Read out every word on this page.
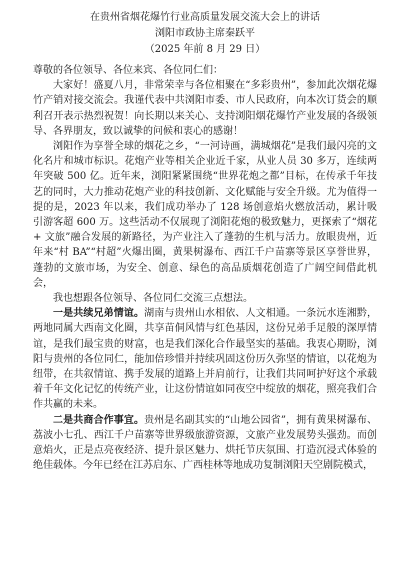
在贵州省烟花爆竹行业高质量发展交流大会上的讲话
浏阳市政协主席秦跃平
（2025 年前 8 月 29 日）

尊敬的各位领导、各位来宾、各位同仁们：

大家好！盛夏八月，非常荣幸与各位相聚在“多彩贵州”，参加此次烟花爆竹产销对接交流会。我谨代表中共浏阳市委、市人民政府，向本次订货会的顺利召开表示热烈祝贺！向长期以来关心、支持浏阳烟花爆竹产业发展的各级领导、各界朋友，致以诚挚的问候和衷心的感谢！

浏阳作为享誉全球的烟花之乡，“一河诗画，满城烟花”是我们最闪亮的文化名片和城市标识。花炮产业等相关企业近千家，从业人员 30 多万，连续两年突破 500 亿。近年来，浏阳紧紧围绕“世界花炮之都”目标，在传承千年技艺的同时，大力推动花炮产业的科技创新、文化赋能与安全升级。尤为值得一提的是，2023 年以来，我们成功举办了 128 场创意焰火燃放活动，累计吸引游客超 600 万。这些活动不仅展现了浏阳花炮的极致魅力，更探索了“烟花 + 文旅”融合发展的新路径，为产业注入了蓬勃的生机与活力。放眼贵州，近年来“村 BA”“村超”火爆出圈，黄果树瀑布、西江千户苗寨等景区享誉世界，蓬勃的文旅市场，为安全、创意、绿色的高品质烟花创造了广阔空间借此机会，

我也想跟各位领导、各位同仁交流三点想法。

一是共续兄弟情谊。湖南与贵州山水相依、人文相通。一条沅水连湘黔，两地同属大西南文化圈，共享苗侗风情与红色基因，这份兄弟手足般的深厚情谊，是我们最宝贵的财富，也是我们深化合作最坚实的基础。我衷心期盼，浏阳与贵州的各位同仁，能加倍珍惜并持续巩固这份历久弥坚的情谊，以花炮为纽带，在共叙情谊、携手发展的道路上并肩前行，让我们共同呵护好这个承载着千年文化记忆的传统产业，让这份情谊如同夜空中绽放的烟花，照亮我们合作共赢的未来。

二是共商合作事宜。贵州是名副其实的“山地公园省”，拥有黄果树瀑布、荔波小七孔、西江千户苗寨等世界级旅游资源，文旅产业发展势头强劲。而创意焰火，正是点亮夜经济、提升景区魅力、烘托节庆氛围、打造沉浸式体验的绝佳载体。今年已经在江苏启东、广西桂林等地成功复制浏阳天空剧院模式，
